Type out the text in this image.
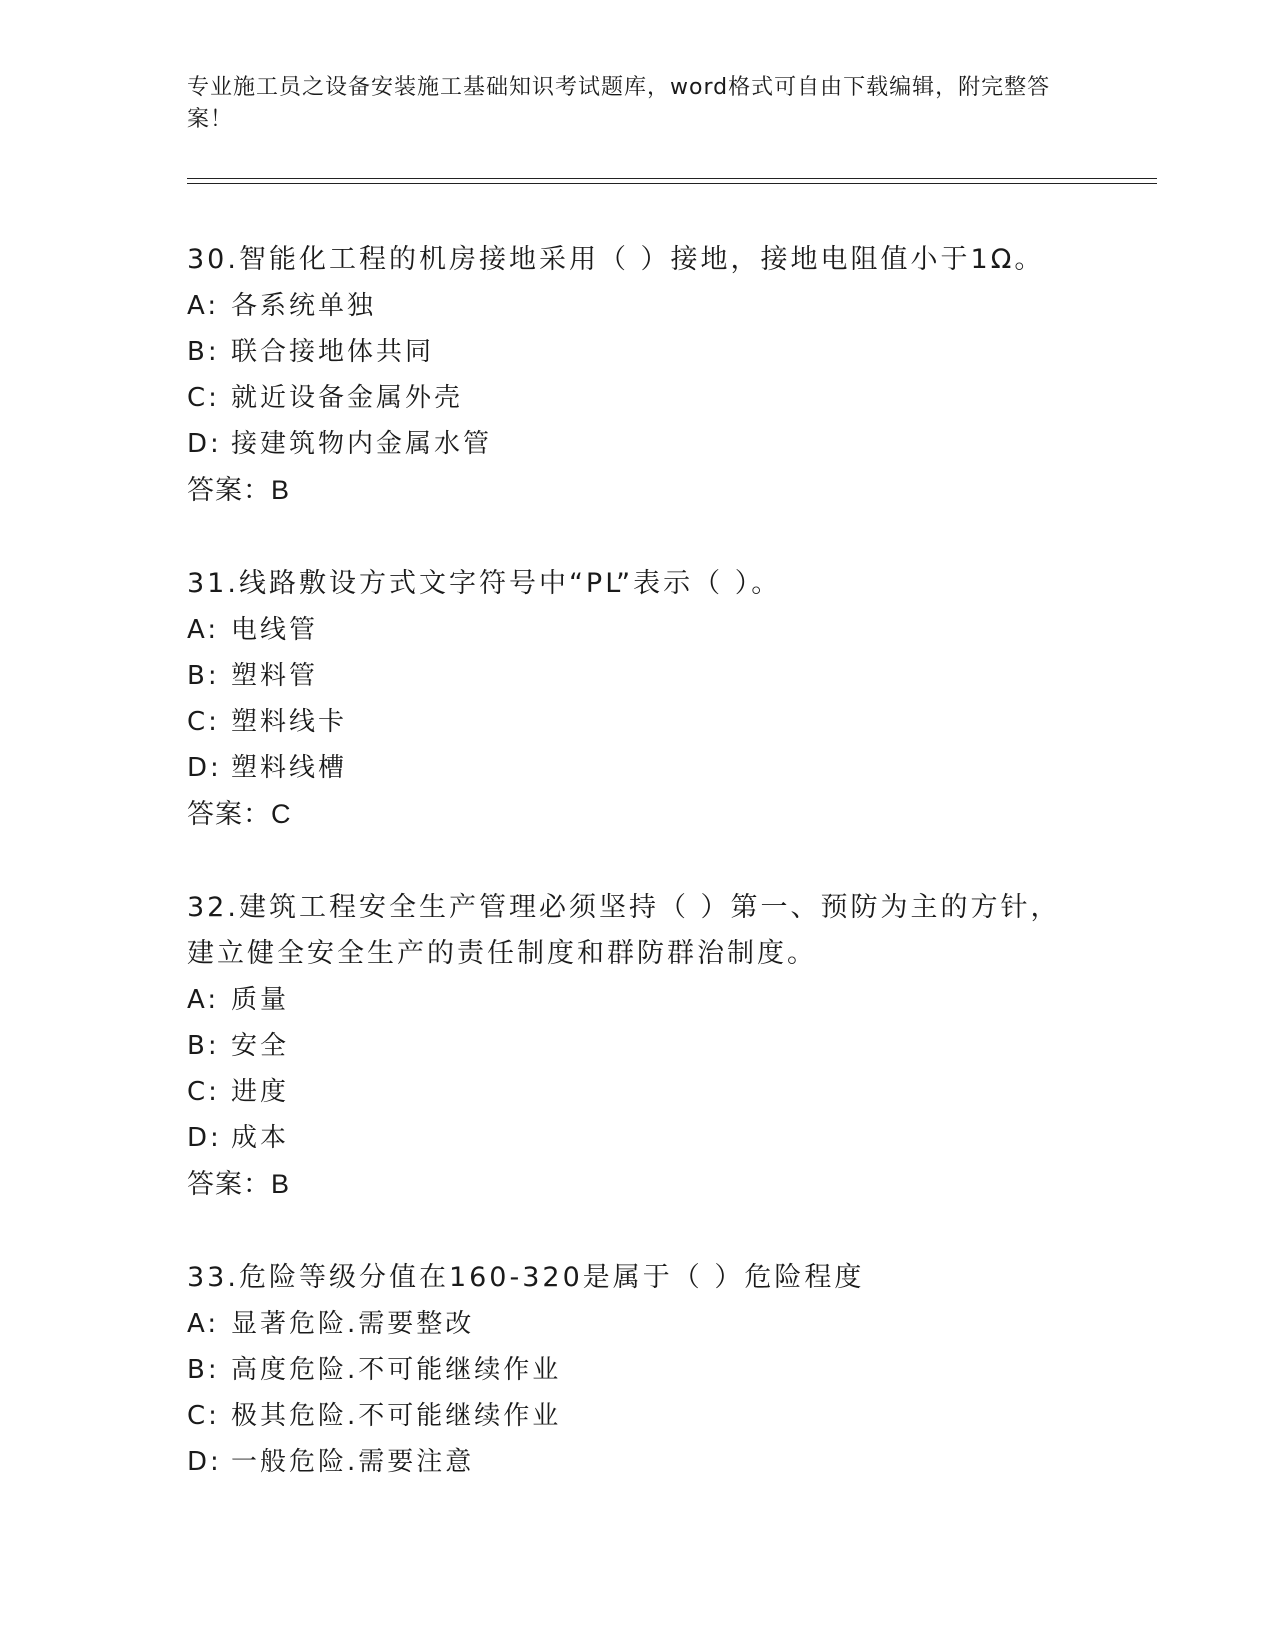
专业施工员之设备安装施工基础知识考试题库，word格式可自由下载编辑，附完整答案！

30.智能化工程的机房接地采用（ ）接地，接地电阻值小于1Ω。

A: 各系统单独
B: 联合接地体共同
C: 就近设备金属外壳
D: 接建筑物内金属水管
答案：B

31.线路敷设方式文字符号中“PL”表示（ ）。

A: 电线管
B: 塑料管
C: 塑料线卡
D: 塑料线槽
答案：C

32.建筑工程安全生产管理必须坚持（ ）第一、预防为主的方针，建立健全安全生产的责任制度和群防群治制度。

A: 质量
B: 安全
C: 进度
D: 成本
答案：B

33.危险等级分值在160-320是属于（ ）危险程度

A: 显著危险.需要整改
B: 高度危险.不可能继续作业
C: 极其危险.不可能继续作业
D: 一般危险.需要注意
